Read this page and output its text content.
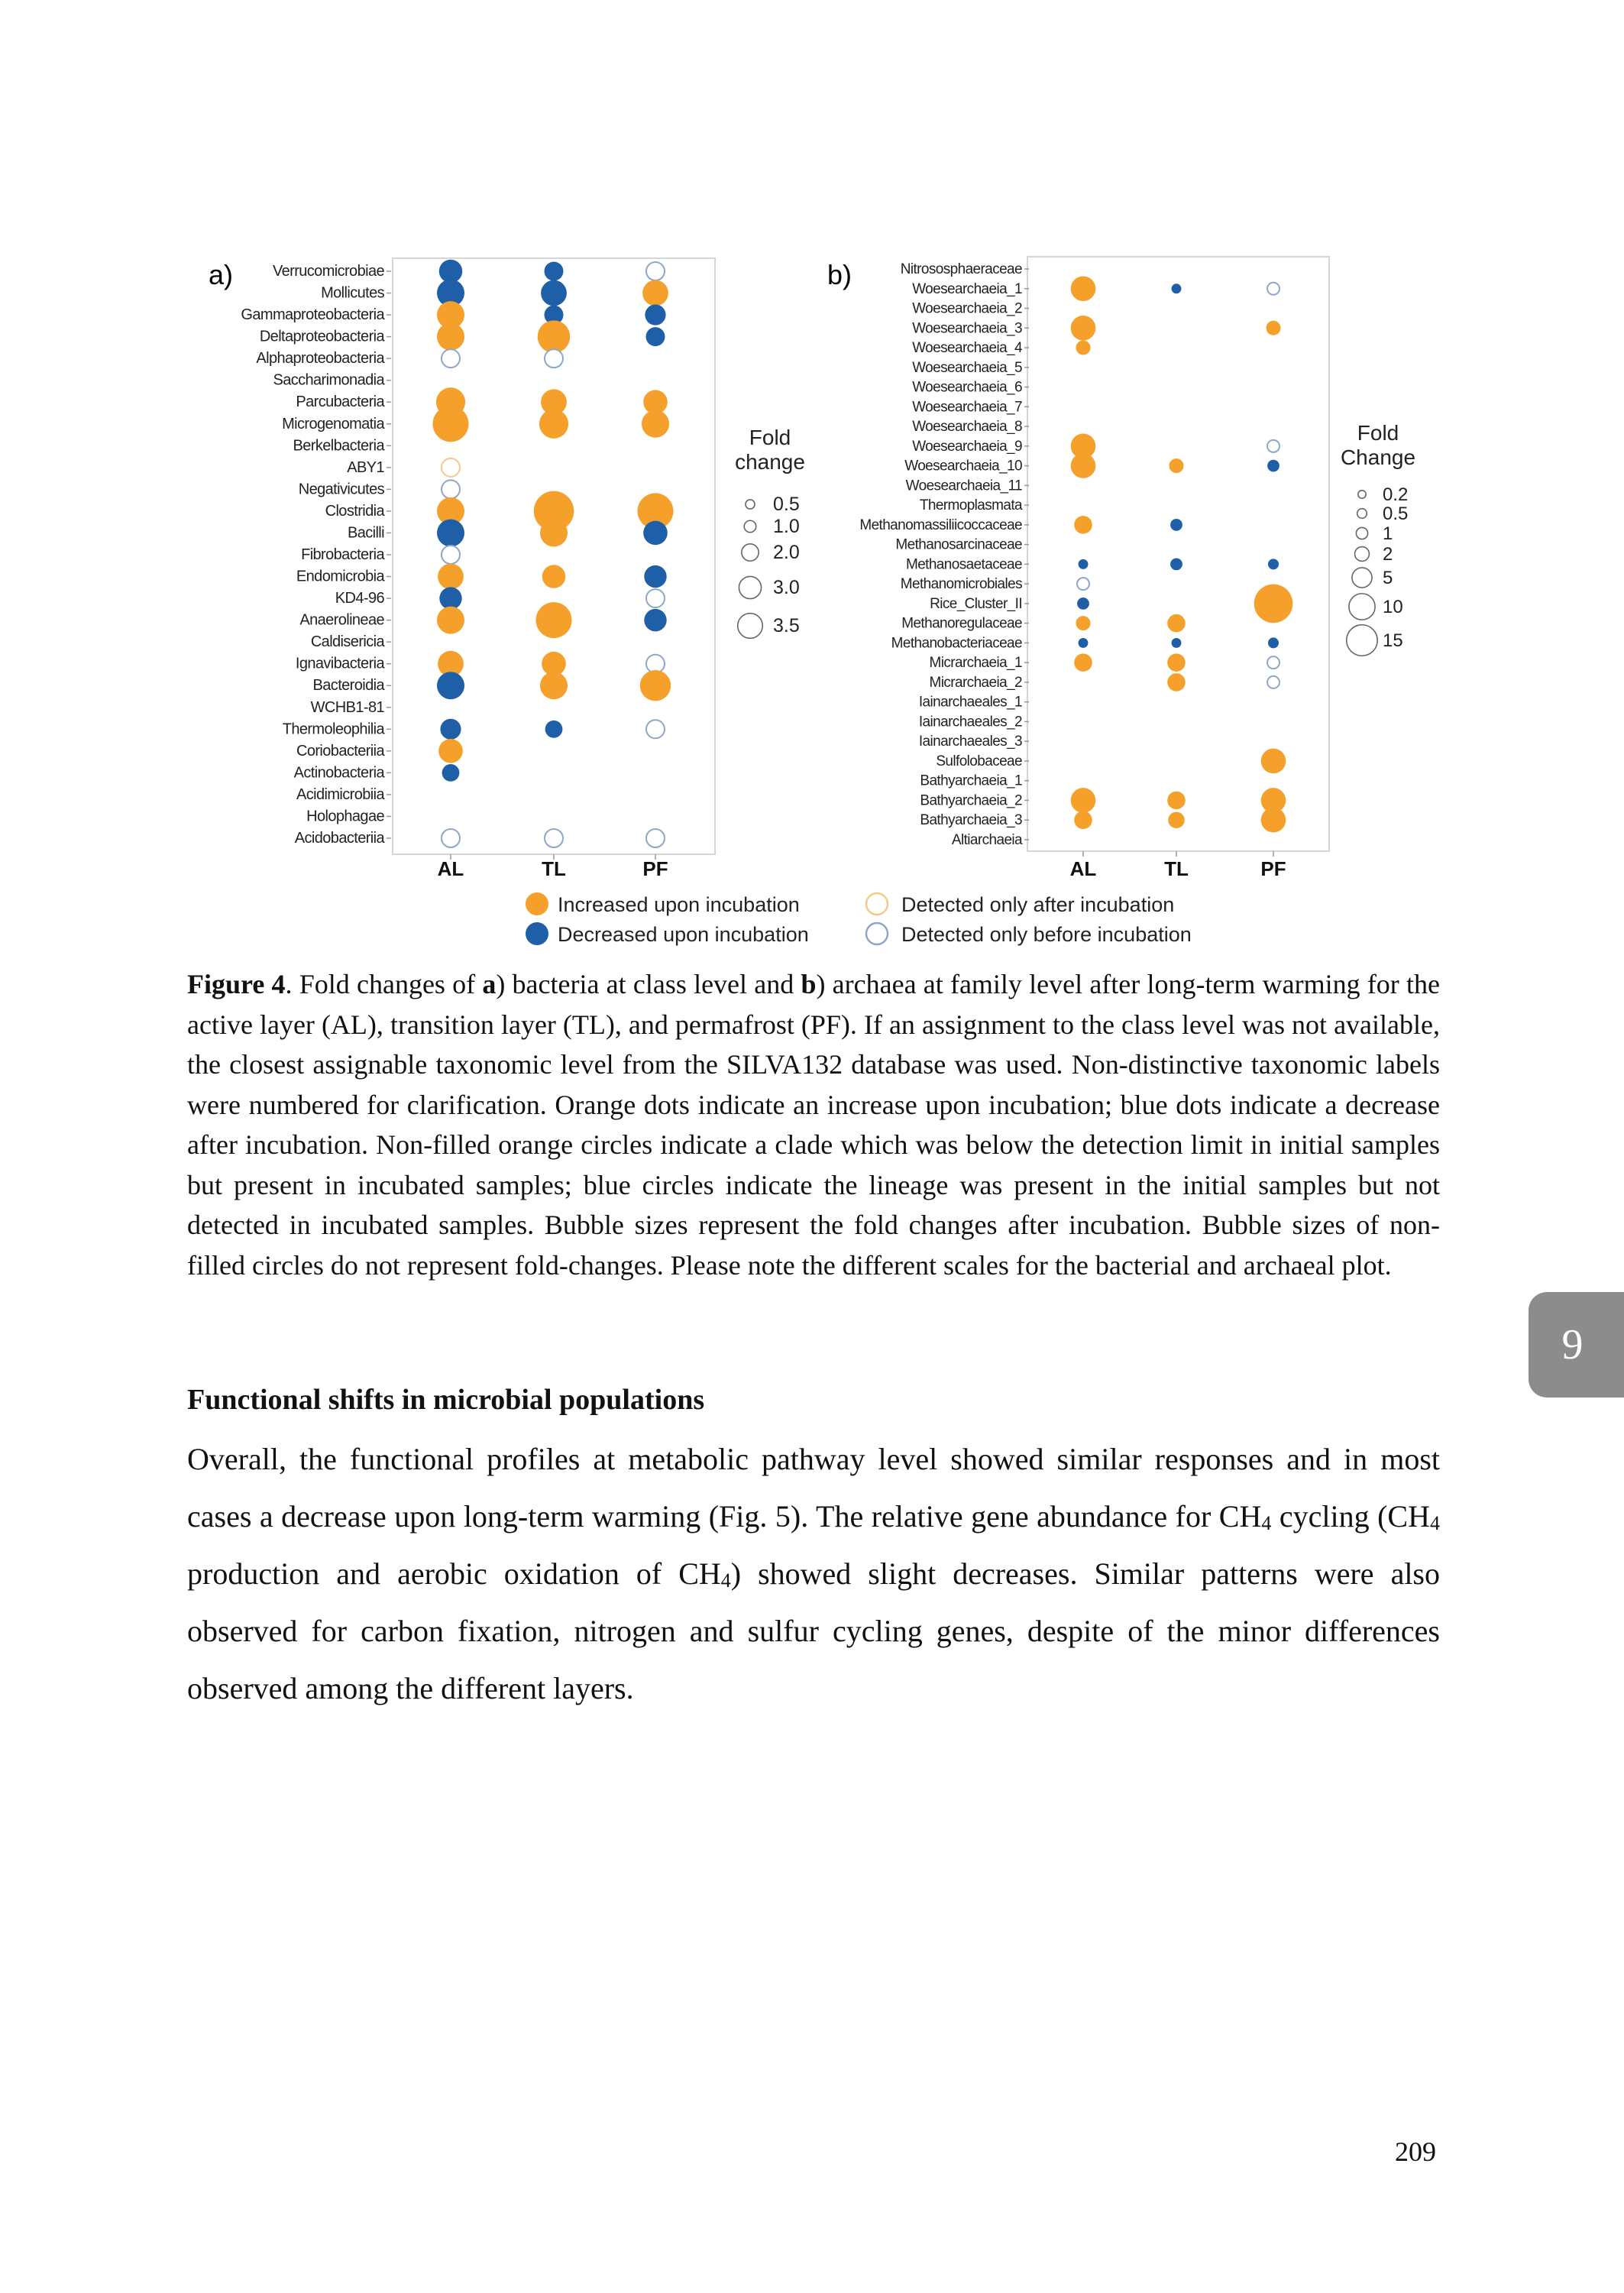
a)	Verrucomicrobiae
Mollicutes
Gammaproteobacteria
Deltaproteobacteria
Alphaproteobacteria
Saccharimonadia
Parcubacteria
Microgenomatia
Berkelbacteria
ABY1
Negativicutes
Clostridia
Bacilli
Fibrobacteria
Endomicrobia
KD4-96
Anaerolineae
Caldisericia
Ignavibacteria
Bacteroidia
WCHB1-81
Thermoleophilia
Coriobacteriia
Actinobacteria
Acidimicrobiia
Holophagae
Acidobacteriia
AL	TL	PF
Fold
change
0.5
1.0
2.0
3.0
3.5
b)	Nitrososphaeraceae
Woesearchaeia_1
Woesearchaeia_2
Woesearchaeia_3
Woesearchaeia_4
Woesearchaeia_5
Woesearchaeia_6
Woesearchaeia_7
Woesearchaeia_8
Woesearchaeia_9
Woesearchaeia_10
Woesearchaeia_11
Thermoplasmata
Methanomassiliicoccaceae
Methanosarcinaceae
Methanosaetaceae
Methanomicrobiales
Rice_Cluster_II
Methanoregulaceae
Methanobacteriaceae
Micrarchaeia_1
Micrarchaeia_2
Iainarchaeales_1
Iainarchaeales_2
Iainarchaeales_3
Sulfolobaceae
Bathyarchaeia_1
Bathyarchaeia_2
Bathyarchaeia_3
Altiarchaeia
AL	TL	PF
Fold
Change
0.2
0.5
1
2
5
10
15
Increased upon incubation
Decreased upon incubation
Detected only after incubation
Detected only before incubation
Figure 4. Fold changes of a) bacteria at class level and b) archaea at family level after long-term warming for the active layer (AL), transition layer (TL), and permafrost (PF). If an assignment to the class level was not available, the closest assignable taxonomic level from the SILVA132 database was used. Non-distinctive taxonomic labels were numbered for clarification. Orange dots indicate an increase upon incubation; blue dots indicate a decrease after incubation. Non-filled orange circles indicate a clade which was below the detection limit in initial samples but present in incubated samples; blue circles indicate the lineage was present in the initial samples but not detected in incubated samples. Bubble sizes represent the fold changes after incubation. Bubble sizes of non-filled circles do not represent fold-changes. Please note the different scales for the bacterial and archaeal plot.
Functional shifts in microbial populations
Overall, the functional profiles at metabolic pathway level showed similar responses and in most cases a decrease upon long-term warming (Fig. 5). The relative gene abundance for $CH_4$ cycling ($CH_4$ production and aerobic oxidation of $CH_4$) showed slight decreases. Similar patterns were also observed for carbon fixation, nitrogen and sulfur cycling genes, despite of the minor differences observed among the different layers.
9
209
